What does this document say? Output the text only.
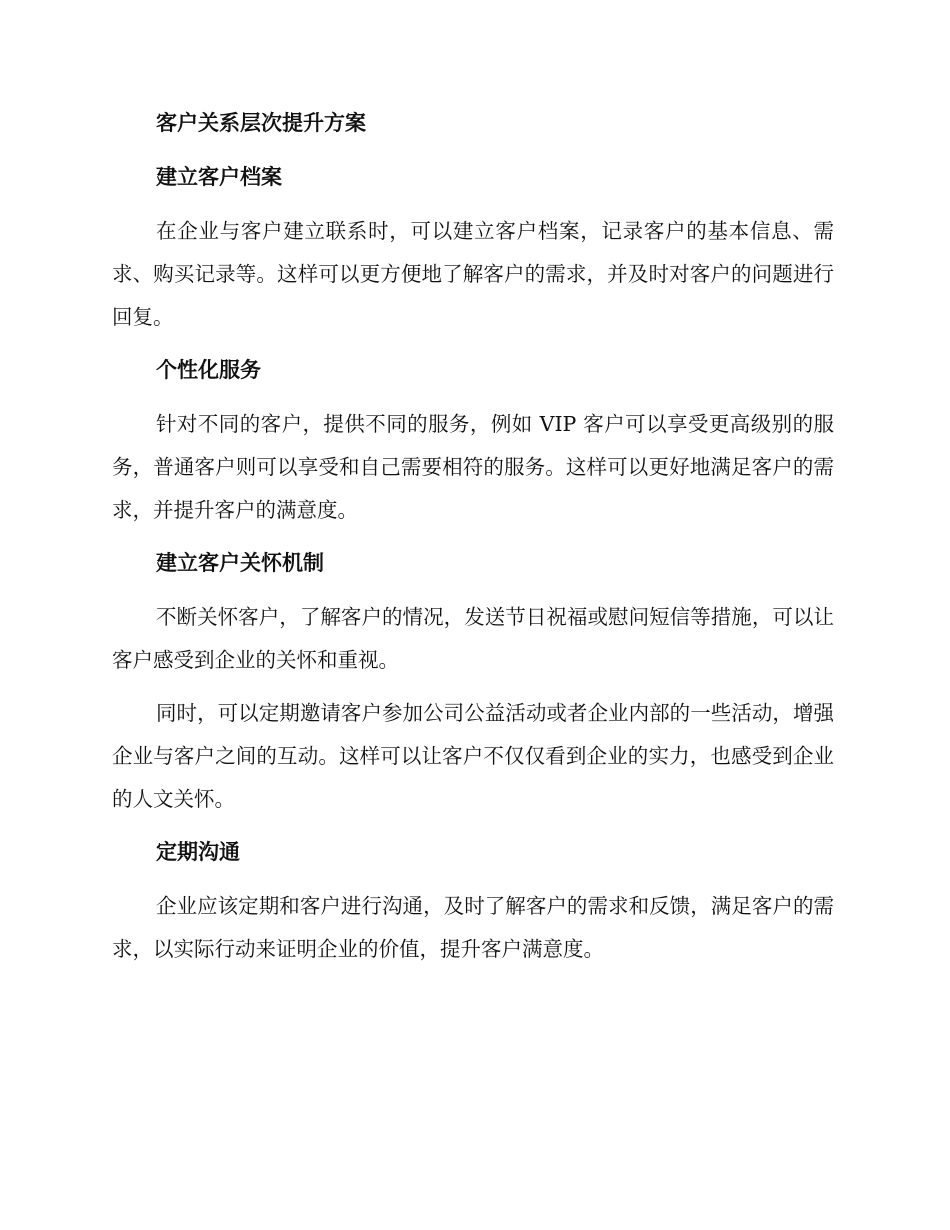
客户关系层次提升方案
建立客户档案

在企业与客户建立联系时，可以建立客户档案，记录客户的基本信息、需求、购买记录等。这样可以更方便地了解客户的需求，并及时对客户的问题进行回复。

个性化服务

针对不同的客户，提供不同的服务，例如 VIP 客户可以享受更高级别的服务，普通客户则可以享受和自己需要相符的服务。这样可以更好地满足客户的需求，并提升客户的满意度。

建立客户关怀机制

不断关怀客户，了解客户的情况，发送节日祝福或慰问短信等措施，可以让客户感受到企业的关怀和重视。

同时，可以定期邀请客户参加公司公益活动或者企业内部的一些活动，增强企业与客户之间的互动。这样可以让客户不仅仅看到企业的实力，也感受到企业的人文关怀。

定期沟通

企业应该定期和客户进行沟通，及时了解客户的需求和反馈，满足客户的需求，以实际行动来证明企业的价值，提升客户满意度。
